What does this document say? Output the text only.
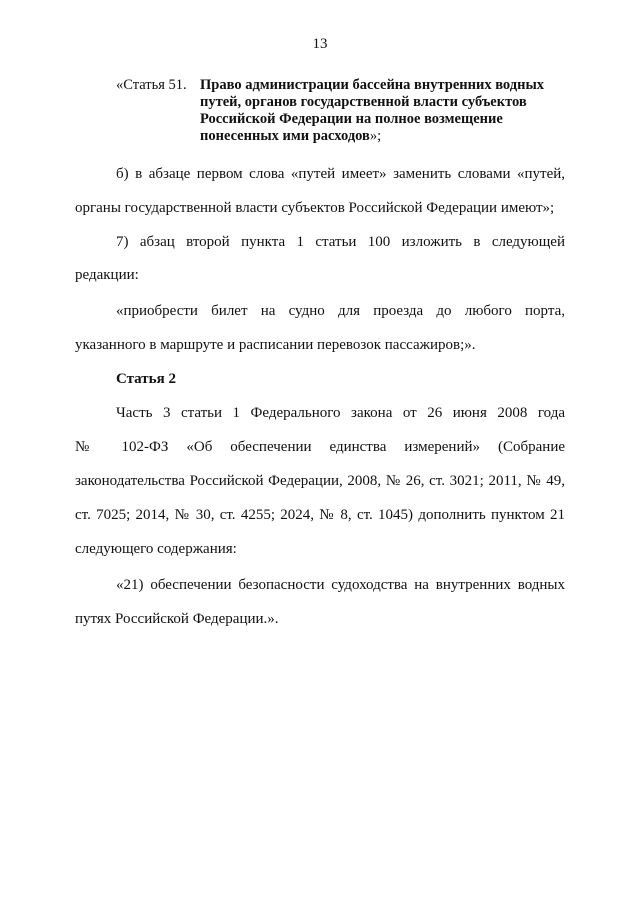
13
«Статья 51. Право администрации бассейна внутренних водных путей, органов государственной власти субъектов Российской Федерации на полное возмещение понесенных ими расходов»;
б) в абзаце первом слова «путей имеет» заменить словами «путей,
органы государственной власти субъектов Российской Федерации имеют»;
7) абзац второй пункта 1 статьи 100 изложить в следующей
редакции:
«приобрести билет на судно для проезда до любого порта,
указанного в маршруте и расписании перевозок пассажиров;».
Статья 2
Часть 3 статьи 1 Федерального закона от 26 июня 2008 года
№ 102-ФЗ «Об обеспечении единства измерений» (Собрание
законодательства Российской Федерации, 2008, № 26, ст. 3021; 2011, № 49,
ст. 7025; 2014, № 30, ст. 4255; 2024, № 8, ст. 1045) дополнить пунктом 21
следующего содержания:
«21) обеспечении безопасности судоходства на внутренних водных
путях Российской Федерации.».
